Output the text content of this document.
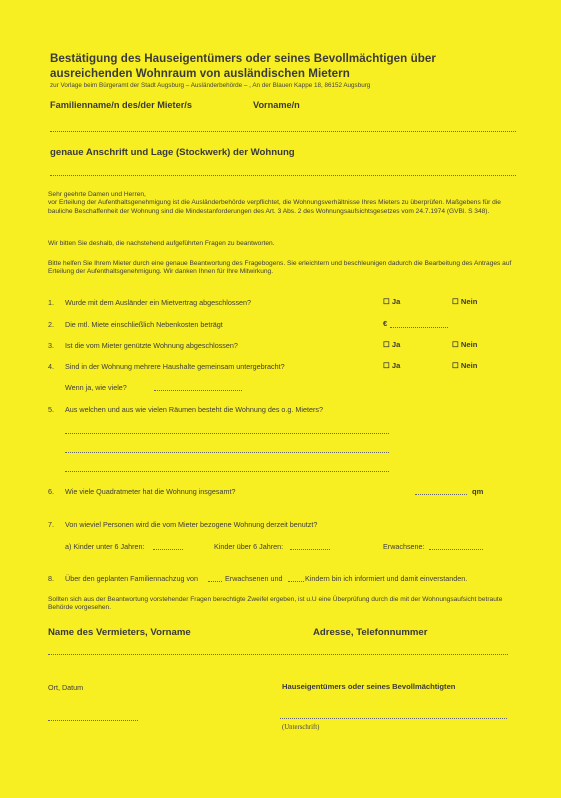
Bestätigung des Hauseigentümers oder seines Bevollmächtigen über
ausreichenden Wohnraum von ausländischen Mietern
zur Vorlage beim Bürgeramt der Stadt Augsburg – Ausländerbehörde – , An der Blauen Kappe 18, 86152 Augsburg
Familienname/n des/der Mieter/s	Vorname/n
genaue Anschrift und Lage (Stockwerk) der Wohnung
Sehr geehrte Damen und Herren,
vor Erteilung der Aufenthaltsgenehmigung ist die Ausländerbehörde verpflichtet, die Wohnungsverhältnisse Ihres Mieters zu überprüfen. Maßgebens für die bauliche Beschaffenheit der Wohnung sind die Mindestanforderungen des Art. 3 Abs. 2 des Wohnungsaufsichtsgesetzes vom 24.7.1974 (GVBl. S 348).
Wir bitten Sie deshalb, die nachstehend aufgeführten Fragen zu beantworten.
Bitte helfen Sie Ihrem Mieter durch eine genaue Beantwortung des Fragebogens. Sie erleichtern und beschleunigen dadurch die Bearbeitung des Antrages auf Erteilung der Aufenthaltsgenehmigung. Wir danken Ihnen für Ihre Mitwirkung.
1. Wurde mit dem Ausländer ein Mietvertrag abgeschlossen?	☐ Ja	☐ Nein
2. Die mtl. Miete einschließlich Nebenkosten beträgt	€
3. Ist die vom Mieter genützte Wohnung abgeschlossen?	☐ Ja	☐ Nein
4. Sind in der Wohnung mehrere Haushalte gemeinsam untergebracht?	☐ Ja	☐ Nein
Wenn ja, wie viele?
5. Aus welchen und aus wie vielen Räumen besteht die Wohnung des o.g. Mieters?
6. Wie viele Quadratmeter hat die Wohnung insgesamt?	qm
7. Von wieviel Personen wird die vom Mieter bezogene Wohnung derzeit benutzt?
a) Kinder unter 6 Jahren:	Kinder über 6 Jahren:	Erwachsene:
8. Über den geplanten Familiennachzug von	Erwachsenen und	Kindern bin ich informiert und damit einverstanden.
Sollten sich aus der Beantwortung vorstehender Fragen berechtigte Zweifel ergeben, ist u.U eine Überprüfung durch die mit der Wohnungsaufsicht betraute Behörde vorgesehen.
Name des Vermieters, Vorname	Adresse, Telefonnummer
Ort, Datum	Hauseigentümers oder seines Bevollmächtigten
(Unterschrift)
